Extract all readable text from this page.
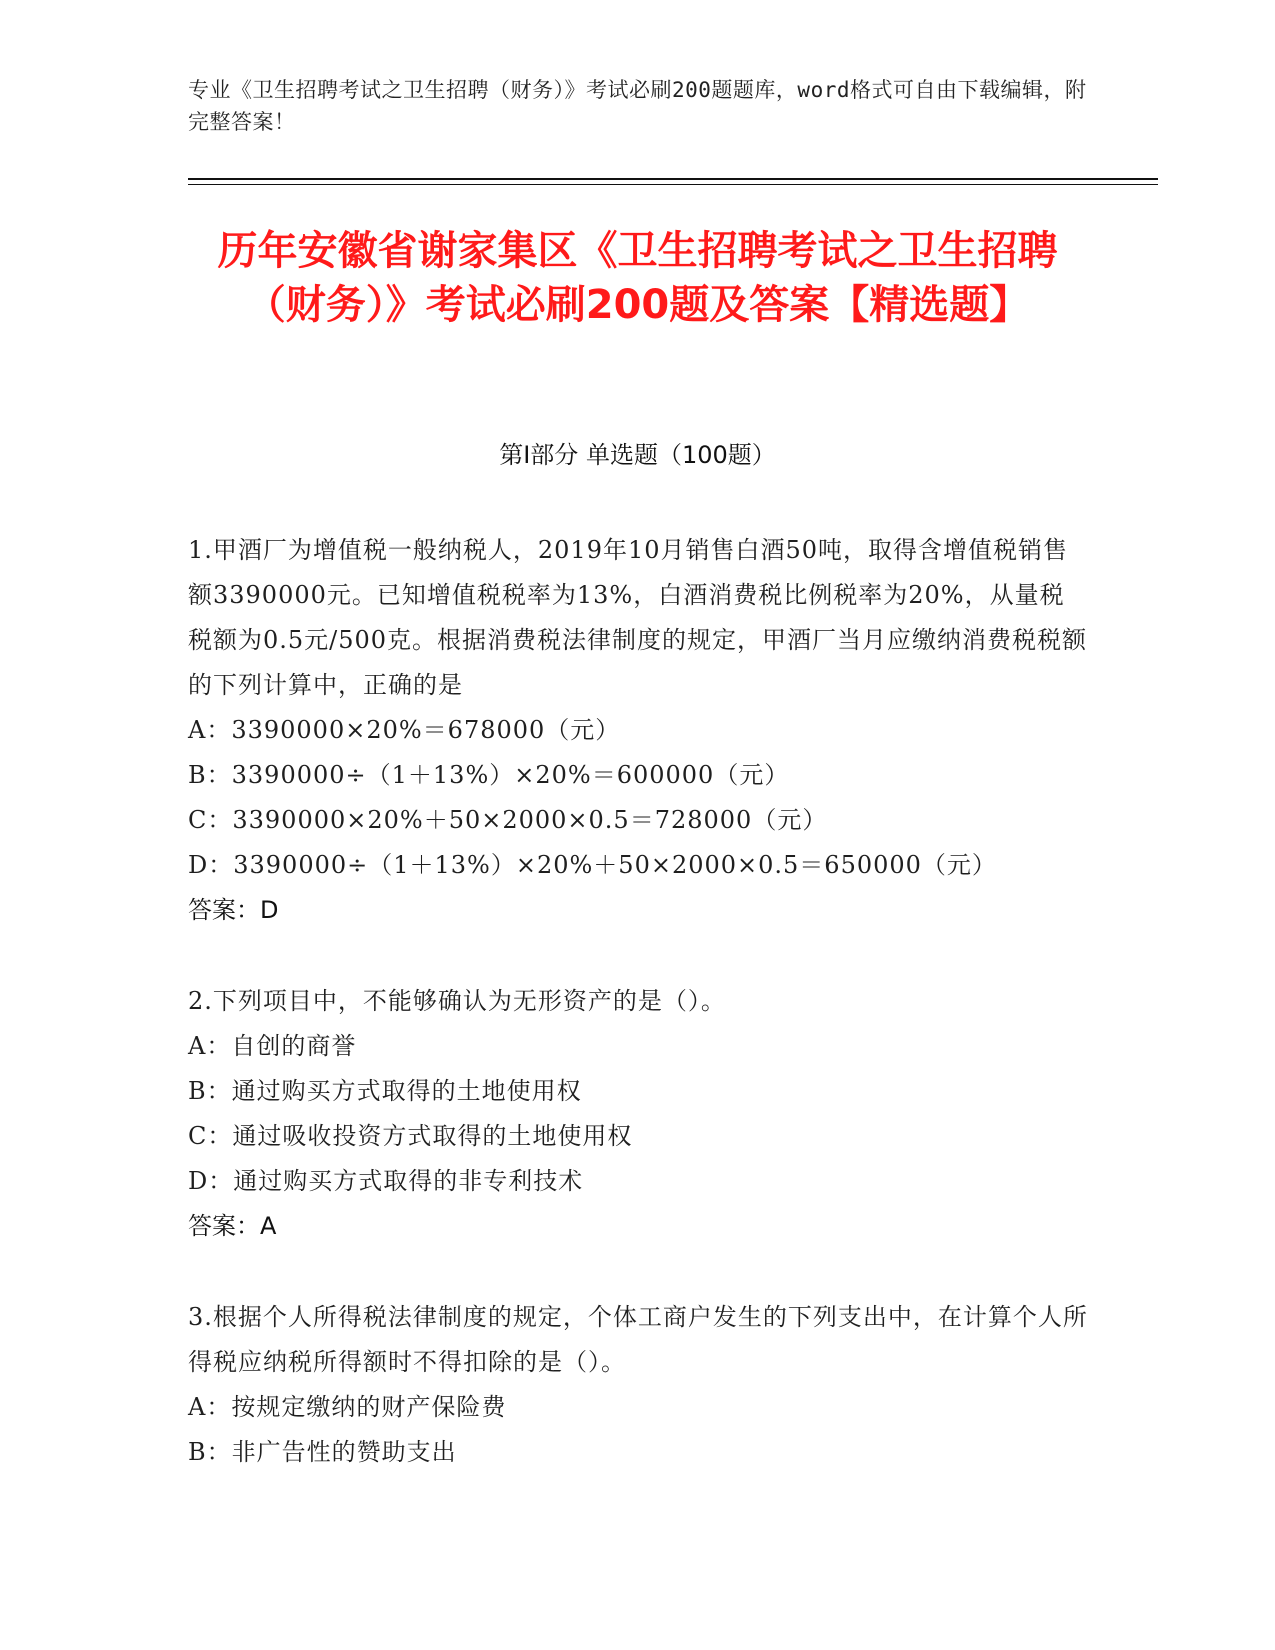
专业《卫生招聘考试之卫生招聘（财务）》考试必刷200题题库，word格式可自由下载编辑，附完整答案！
历年安徽省谢家集区《卫生招聘考试之卫生招聘（财务）》考试必刷200题及答案【精选题】
第Ⅰ部分 单选题（100题）

1.甲酒厂为增值税一般纳税人，2019年10月销售白酒50吨，取得含增值税销售额3390000元。已知增值税税率为13%，白酒消费税比例税率为20%，从量税税额为0.5元/500克。根据消费税法律制度的规定，甲酒厂当月应缴纳消费税税额的下列计算中，正确的是

A：3390000×20%＝678000（元）

B：3390000÷（1＋13%）×20%＝600000（元）

C：3390000×20%＋50×2000×0.5＝728000（元）

D：3390000÷（1＋13%）×20%＋50×2000×0.5＝650000（元）

答案：D

2.下列项目中，不能够确认为无形资产的是（）。

A：自创的商誉

B：通过购买方式取得的土地使用权

C：通过吸收投资方式取得的土地使用权

D：通过购买方式取得的非专利技术

答案：A

3.根据个人所得税法律制度的规定，个体工商户发生的下列支出中，在计算个人所得税应纳税所得额时不得扣除的是（）。

A：按规定缴纳的财产保险费

B：非广告性的赞助支出
